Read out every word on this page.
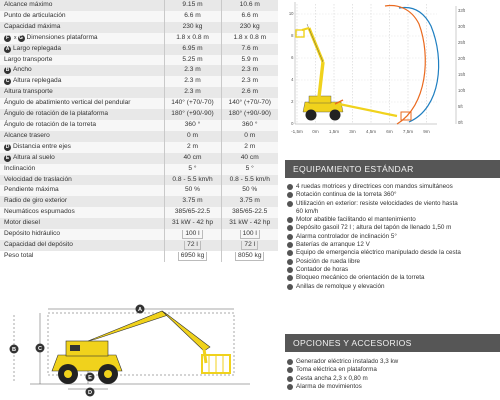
Alcance máximo	9.15 m	10.6 m
Punto de articulación	6.6 m	6.6 m
Capacidad máxima	230 kg	230 kg
F x G Dimensiones plataforma	1.8 x 0.8 m	1.8 x 0.8 m
A Largo replegada	6.95 m	7.6 m
Largo transporte	5.25 m	5.9 m
B Ancho	2.3 m	2.3 m
C Altura replegada	2.3 m	2.3 m
Altura transporte	2.3 m	2.6 m
Ángulo de abatimiento vertical del pendular	140° (+70/-70)	140° (+70/-70)
Ángulo de rotación de la plataforma	180° (+90/-90)	180° (+90/-90)
Ángulo de rotación de la torreta	360 °	360 °
Alcance trasero	0 m	0 m
D Distancia entre ejes	2 m	2 m
E Altura al suelo	40 cm	40 cm
Inclinación	5 °	5 °
Velocidad de traslación	0.8 - 5.5 km/h	0.8 - 5.5 km/h
Pendiente máxima	50 %	50 %
Radio de giro exterior	3.75 m	3.75 m
Neumáticos espumados	385/65-22.5	385/65-22.5
Motor diesel	31 kW - 42 hp	31 kW - 42 hp
Depósito hidráulico	100 l	100 l
Capacidad del depósito	72 l	72 l
Peso total	6950 kg	8050 kg
-1,5m 0m 1,5m 3m 4,5m 6m 7,5m 9m
33ft
30ft
25ft
20ft
15ft
10ft
5ft
0ft
10
8
6
4
2
0
EQUIPAMIENTO ESTÁNDAR
4 ruedas motrices y directrices con mandos simultáneos
Rotación continua de la torreta 360°
Utilización en exterior: resiste velocidades de viento hasta
60 km/h
Motor abatible facilitando el mantenimiento
Depósito gasoil 72 l ; altura del tapón de llenado 1,50 m
Alarma controlador de inclinación 5°
Baterías de arranque 12 V
Equipo de emergencia eléctrico manipulado desde la cesta
Posición de rueda libre
Contador de horas
Bloqueo mecánico de orientación de la torreta
Anillas de remolque y elevación
OPCIONES Y ACCESORIOS
Generador eléctrico instalado 3,3 kw
Toma eléctrica en plataforma
Cesta ancha 2,3 x 0,80 m
Alarma de movimientos
A
B	C
D
E
